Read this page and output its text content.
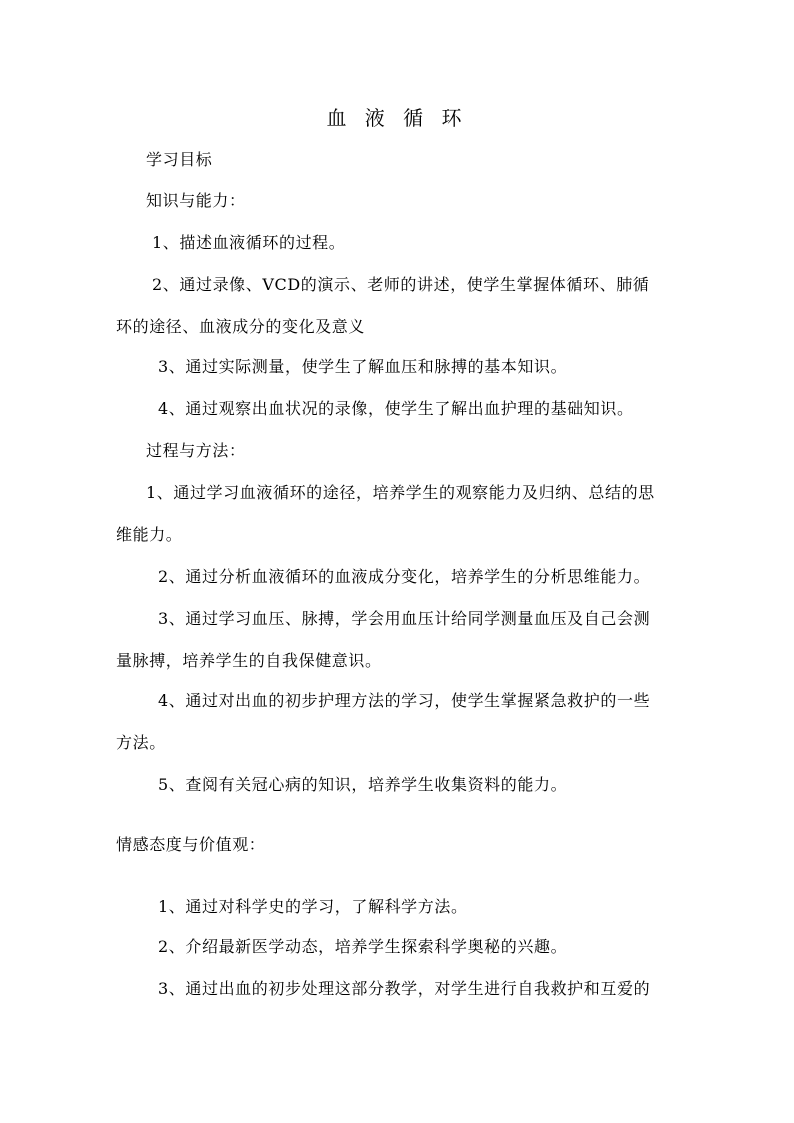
血 液 循 环
学习目标
知识与能力：
1、描述血液循环的过程。
2、通过录像、VCD的演示、老师的讲述，使学生掌握体循环、肺循
环的途径、血液成分的变化及意义
3、通过实际测量，使学生了解血压和脉搏的基本知识。
4、通过观察出血状况的录像，使学生了解出血护理的基础知识。
过程与方法：
1、通过学习血液循环的途径，培养学生的观察能力及归纳、总结的思
维能力。
2、通过分析血液循环的血液成分变化，培养学生的分析思维能力。
3、通过学习血压、脉搏，学会用血压计给同学测量血压及自己会测
量脉搏，培养学生的自我保健意识。
4、通过对出血的初步护理方法的学习，使学生掌握紧急救护的一些
方法。
5、查阅有关冠心病的知识，培养学生收集资料的能力。
情感态度与价值观：
1、通过对科学史的学习，了解科学方法。
2、介绍最新医学动态，培养学生探索科学奥秘的兴趣。
3、通过出血的初步处理这部分教学，对学生进行自我救护和互爱的
